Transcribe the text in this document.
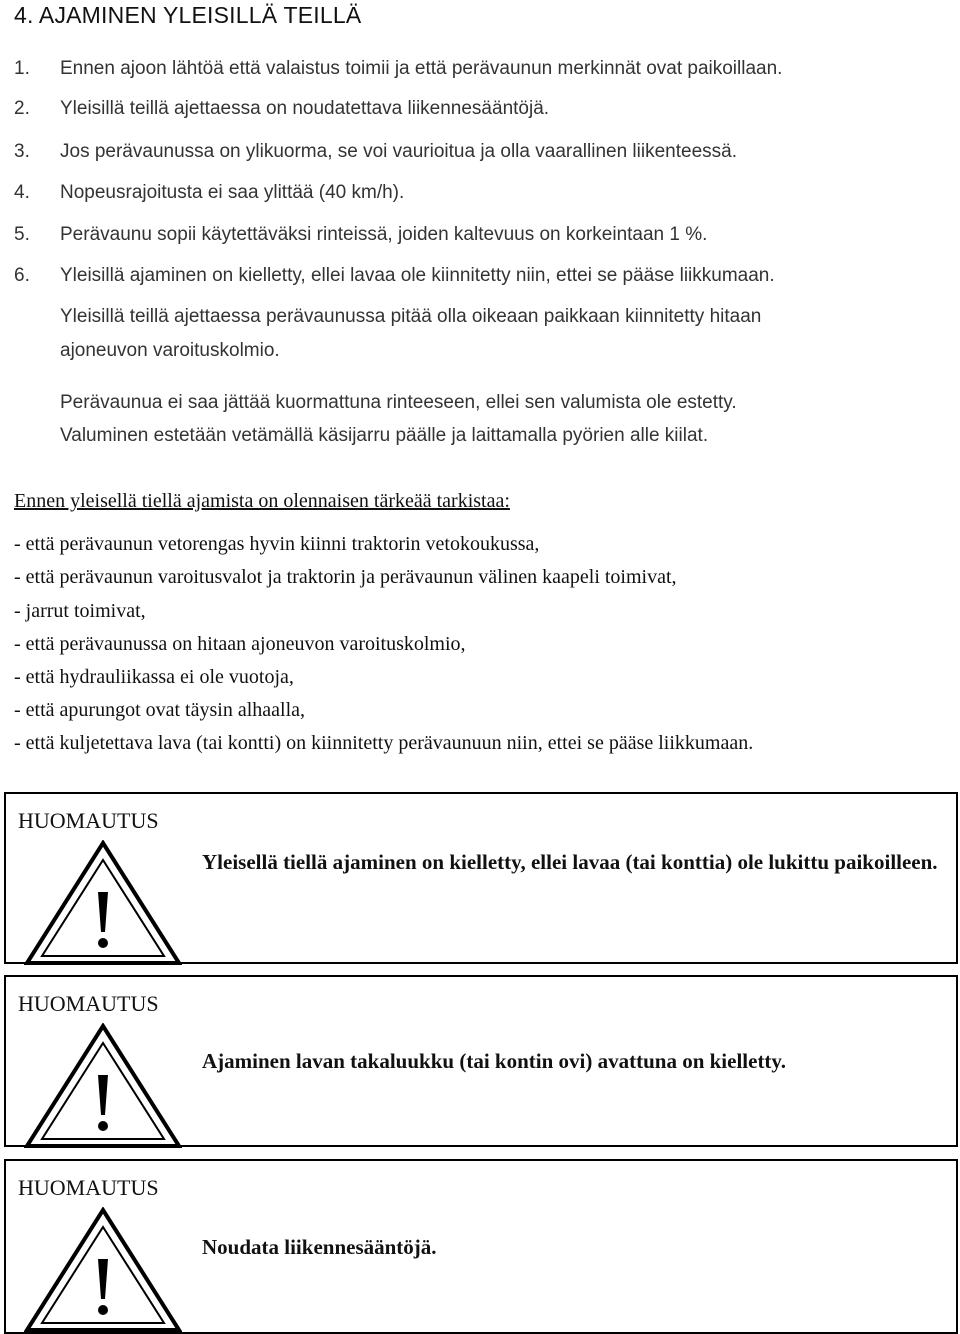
4. AJAMINEN YLEISILLÄ TEILLÄ
1. Ennen ajoon lähtöä että valaistus toimii ja että perävaunun merkinnät ovat paikoillaan.
2. Yleisillä teillä ajettaessa on noudatettava liikennesääntöjä.
3. Jos perävaunussa on ylikuorma, se voi vaurioitua ja olla vaarallinen liikenteessä.
4. Nopeusrajoitusta ei saa ylittää (40 km/h).
5. Perävaunu sopii käytettäväksi rinteissä, joiden kaltevuus on korkeintaan 1 %.
6. Yleisillä ajaminen on kielletty, ellei lavaa ole kiinnitetty niin, ettei se pääse liikkumaan.
Yleisillä teillä ajettaessa perävaunussa pitää olla oikeaan paikkaan kiinnitetty hitaan
ajoneuvon varoituskolmio.
Perävaunua ei saa jättää kuormattuna rinteeseen, ellei sen valumista ole estetty.
Valuminen estetään vetämällä käsijarru päälle ja laittamalla pyörien alle kiilat.
Ennen yleisellä tiellä ajamista on olennaisen tärkeää tarkistaa:
- että perävaunun vetorengas hyvin kiinni traktorin vetokoukussa,
- että perävaunun varoitusvalot ja traktorin ja perävaunun välinen kaapeli toimivat,
- jarrut toimivat,
- että perävaunussa on hitaan ajoneuvon varoituskolmio,
- että hydrauliikassa ei ole vuotoja,
- että apurungot ovat täysin alhaalla,
- että kuljetettava lava (tai kontti) on kiinnitetty perävaunuun niin, ettei se pääse liikkumaan.
HUOMAUTUS
Yleisellä tiellä ajaminen on kielletty, ellei lavaa (tai konttia) ole lukittu paikoilleen.
HUOMAUTUS
Ajaminen lavan takaluukku (tai kontin ovi) avattuna on kielletty.
HUOMAUTUS
Noudata liikennesääntöjä.
